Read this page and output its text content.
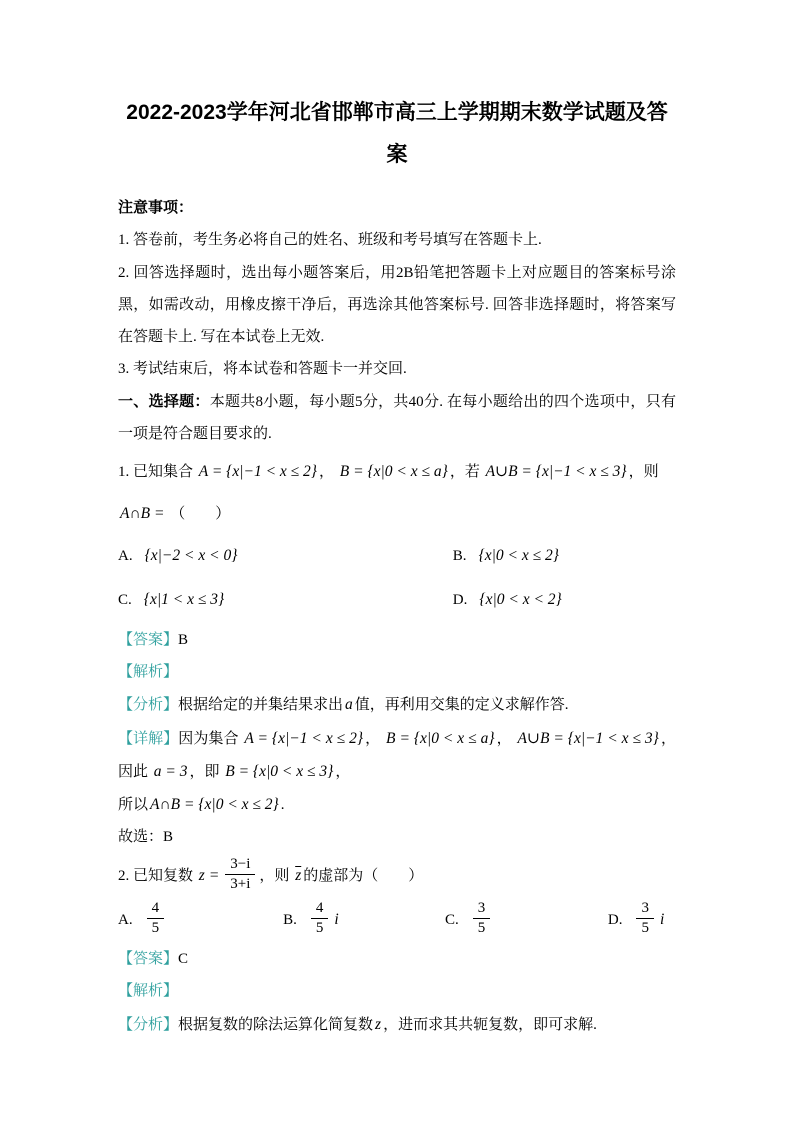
2022-2023学年河北省邯郸市高三上学期期末数学试题及答案

注意事项：

1. 答卷前，考生务必将自己的姓名、班级和考号填写在答题卡上.

2. 回答选择题时，选出每小题答案后，用2B铅笔把答题卡上对应题目的答案标号涂黑，如需改动，用橡皮擦干净后，再选涂其他答案标号. 回答非选择题时，将答案写在答题卡上. 写在本试卷上无效.

3. 考试结束后，将本试卷和答题卡一并交回.

一、选择题：本题共8小题，每小题5分，共40分. 在每小题给出的四个选项中，只有一项是符合题目要求的.

1. 已知集合 A = {x|−1 < x ≤ 2} ， B = {x|0 < x ≤ a} ，若 A∪B = {x|−1 < x ≤ 3} ，则

A∩B = （　　）

A. {x|−2 < x < 0}	B. {x|0 < x ≤ 2}

C. {x|1 < x ≤ 3}	D. {x|0 < x < 2}

【答案】B

【解析】

【分析】根据给定的并集结果求出 a 值，再利用交集的定义求解作答.

【详解】因为集合 A = {x|−1 < x ≤ 2} ， B = {x|0 < x ≤ a} ， A∪B = {x|−1 < x ≤ 3} ，因此 a = 3 ，即 B = {x|0 < x ≤ 3} ，

所以 A∩B = {x|0 < x ≤ 2} .

故选：B

2. 已知复数 $z = \frac{3-i}{3+i}$ ，则 $\overline{z}$ 的虚部为（　　）

A. $\frac{4}{5}$	B. $\frac{4}{5}$ i	C. $\frac{3}{5}$	D. $\frac{3}{5}$ i

【答案】C

【解析】

【分析】根据复数的除法运算化简复数 z ，进而求其共轭复数，即可求解.
